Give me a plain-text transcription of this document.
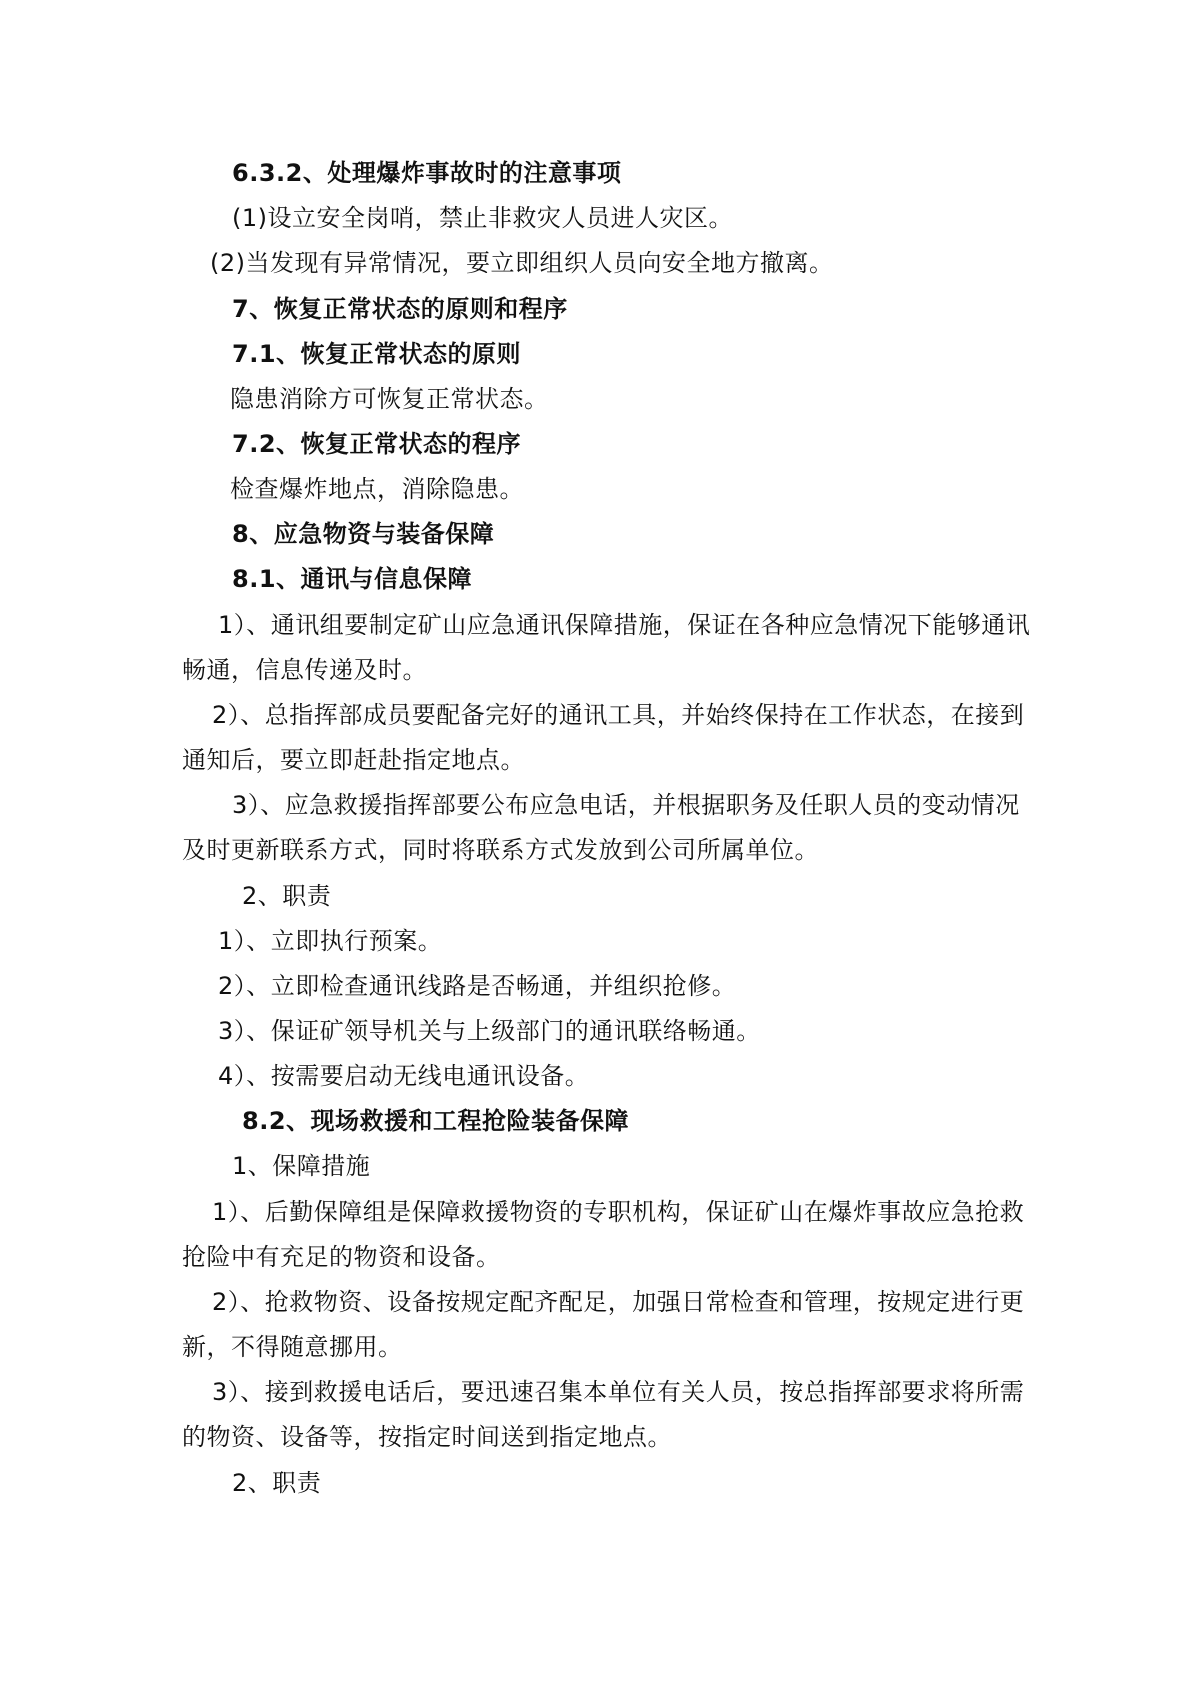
6.3.2、处理爆炸事故时的注意事项
(1)设立安全岗哨，禁止非救灾人员进人灾区。
(2)当发现有异常情况，要立即组织人员向安全地方撤离。
7、恢复正常状态的原则和程序
7.1、恢复正常状态的原则
隐患消除方可恢复正常状态。
7.2、恢复正常状态的程序
检查爆炸地点，消除隐患。
8、应急物资与装备保障
8.1、通讯与信息保障
1）、通讯组要制定矿山应急通讯保障措施，保证在各种应急情况下能够通讯
畅通，信息传递及时。
2）、总指挥部成员要配备完好的通讯工具，并始终保持在工作状态，在接到
通知后，要立即赶赴指定地点。
3）、应急救援指挥部要公布应急电话，并根据职务及任职人员的变动情况
及时更新联系方式，同时将联系方式发放到公司所属单位。
2、职责
1）、立即执行预案。
2）、立即检查通讯线路是否畅通，并组织抢修。
3）、保证矿领导机关与上级部门的通讯联络畅通。
4）、按需要启动无线电通讯设备。
8.2、现场救援和工程抢险装备保障
1、保障措施
1）、后勤保障组是保障救援物资的专职机构，保证矿山在爆炸事故应急抢救
抢险中有充足的物资和设备。
2）、抢救物资、设备按规定配齐配足，加强日常检查和管理，按规定进行更
新，不得随意挪用。
3）、接到救援电话后，要迅速召集本单位有关人员，按总指挥部要求将所需
的物资、设备等，按指定时间送到指定地点。
2、职责
